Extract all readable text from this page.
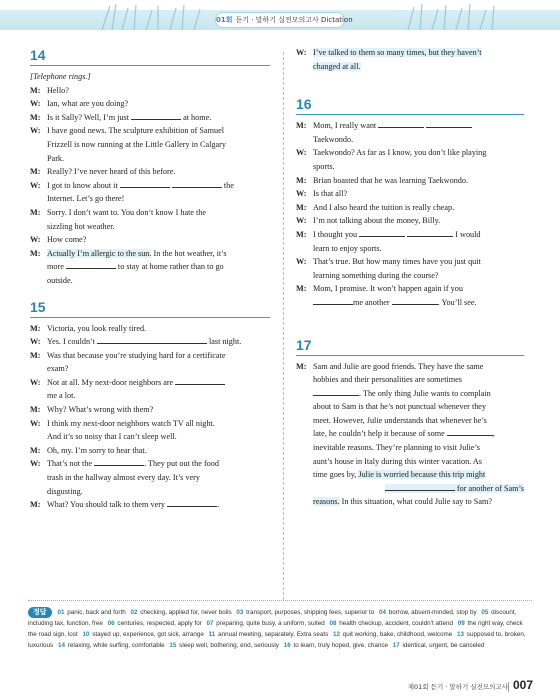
01회 듣기 · 말하기 실전모의고사 Dictation
14
[Telephone rings.]
M: Hello?
W: Ian, what are you doing?
M: Is it Sally? Well, I’m just	at home.
W: I have good news. The sculpture exhibition of Samuel
Frizzell is now running at the Little Gallery in Calgary
Park.
M: Really? I’ve never heard of this before.
W: I got to know about it	the
Internet. Let’s go there!
M: Sorry. I don’t want to. You don’t know I hate the
sizzling hot weather.
W: How come?
M: Actually I’m allergic to the sun. In the hot weather, it’s
more	to stay at home rather than to go
outside.
15
M: Victoria, you look really tired.
W: Yes. I couldn’t	last night.
M: Was that because you’re studying hard for a certificate
exam?
W: Not at all. My next-door neighbors are
me a lot.
M: Why? What’s wrong with them?
W: I think my next-door neighbors watch TV all night.
And it’s so noisy that I can’t sleep well.
M: Oh, my. I’m sorry to hear that.
W: That’s not the	. They put out the food
trash in the hallway almost every day. It’s very
disgusting.
M: What? You should talk to them very	.
W: I’ve talked to them so many times, but they haven’t
changed at all.
16
M: Mom, I really want
Taekwondo.
W: Taekwondo? As far as I know, you don’t like playing
sports.
M: Brian boasted that he was learning Taekwondo.
W: Is that all?
M: And I also heard the tuition is really cheap.
W: I’m not talking about the money, Billy.
M: I thought you	I would
learn to enjoy sports.
W: That’s true. But how many times have you just quit
learning something during the course?
M: Mom, I promise. It won’t happen again if you
me another	. You’ll see.
17
M: Sam and Julie are good friends. They have the same
hobbies and their personalities are sometimes
. The only thing Julie wants to complain
about to Sam is that he’s not punctual whenever they
meet. However, Julie understands that whenever he’s
late, he couldn’t help it because of some	,
inevitable reasons. They’re planning to visit Julie’s
aunt’s house in Italy during this winter vacation. As
time goes by, Julie is worried because this trip might
for another of Sam’s
reasons. In this situation, what could Julie say to Sam?
정답 01 panic, back and forth 02 checking, applied for, never boils 03 transport, purposes, shipping fees, superior to 04 borrow, absent-minded, stop by 05 discount, including tax, function, free 06 centuries, respected, apply for 07 preparing, quite busy, a uniform, suited 08 health checkup, accident, couldn’t attend 09 the right way, check the road sign, lost 10 stayed up, experience, got sick, arrange 11 annual meeting, separately, Extra seats 12 quit working, bake, childhood, welcome 13 supposed to, broken, luxurious 14 relaxing, while surfing, comfortable 15 sleep well, bothering, end, seriously 16 to learn, truly hoped, give, chance 17 identical, urgent, be canceled
제01회 듣기 · 말하기 실전모의고사 007
